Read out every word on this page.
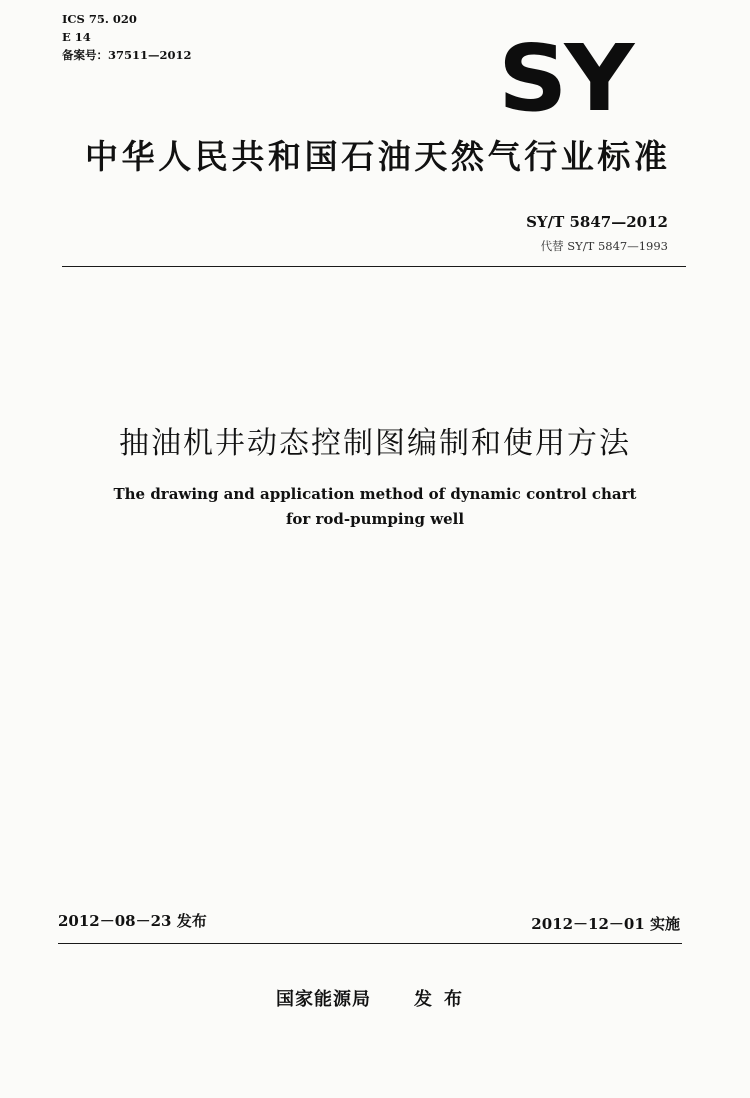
ICS 75. 020
E 14
备案号：37511—2012	SY
中华人民共和国石油天然气行业标准
SY/T 5847—2012
代替 SY/T 5847—1993
抽油机井动态控制图编制和使用方法
The drawing and application method of dynamic control chart
for rod-pumping well
2012－08－23 发布	2012－12－01 实施
国家能源局 发布
